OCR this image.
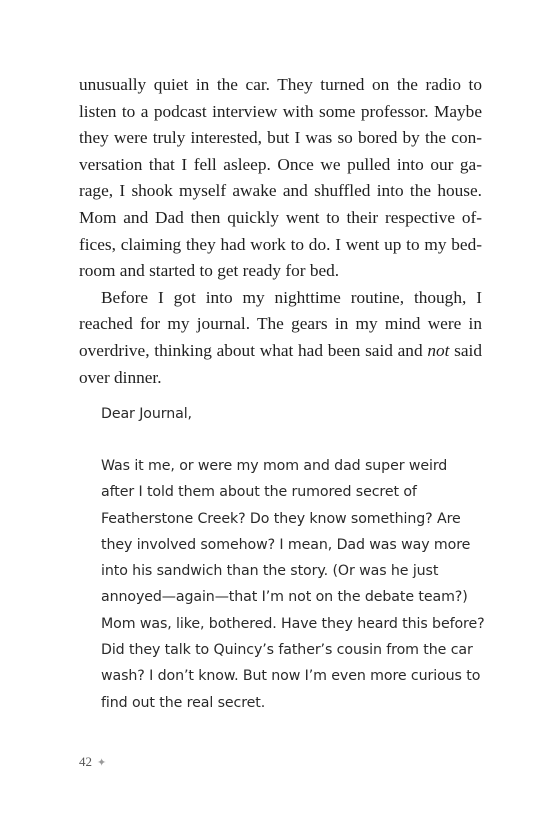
unusually quiet in the car. They turned on the radio to listen to a podcast interview with some professor. Maybe they were truly interested, but I was so bored by the conversation that I fell asleep. Once we pulled into our garage, I shook myself awake and shuffled into the house. Mom and Dad then quickly went to their respective offices, claiming they had work to do. I went up to my bedroom and started to get ready for bed.

Before I got into my nighttime routine, though, I reached for my journal. The gears in my mind were in overdrive, thinking about what had been said and not said over dinner.

Dear Journal,
Was it me, or were my mom and dad super weird
after I told them about the rumored secret of
Featherstone Creek? Do they know something? Are
they involved somehow? I mean, Dad was way more
into his sandwich than the story. (Or was he just
annoyed—again—that I’m not on the debate team?)
Mom was, like, bothered. Have they heard this before?
Did they talk to Quincy’s father’s cousin from the car
wash? I don’t know. But now I’m even more curious to
find out the real secret.
42 ✦
